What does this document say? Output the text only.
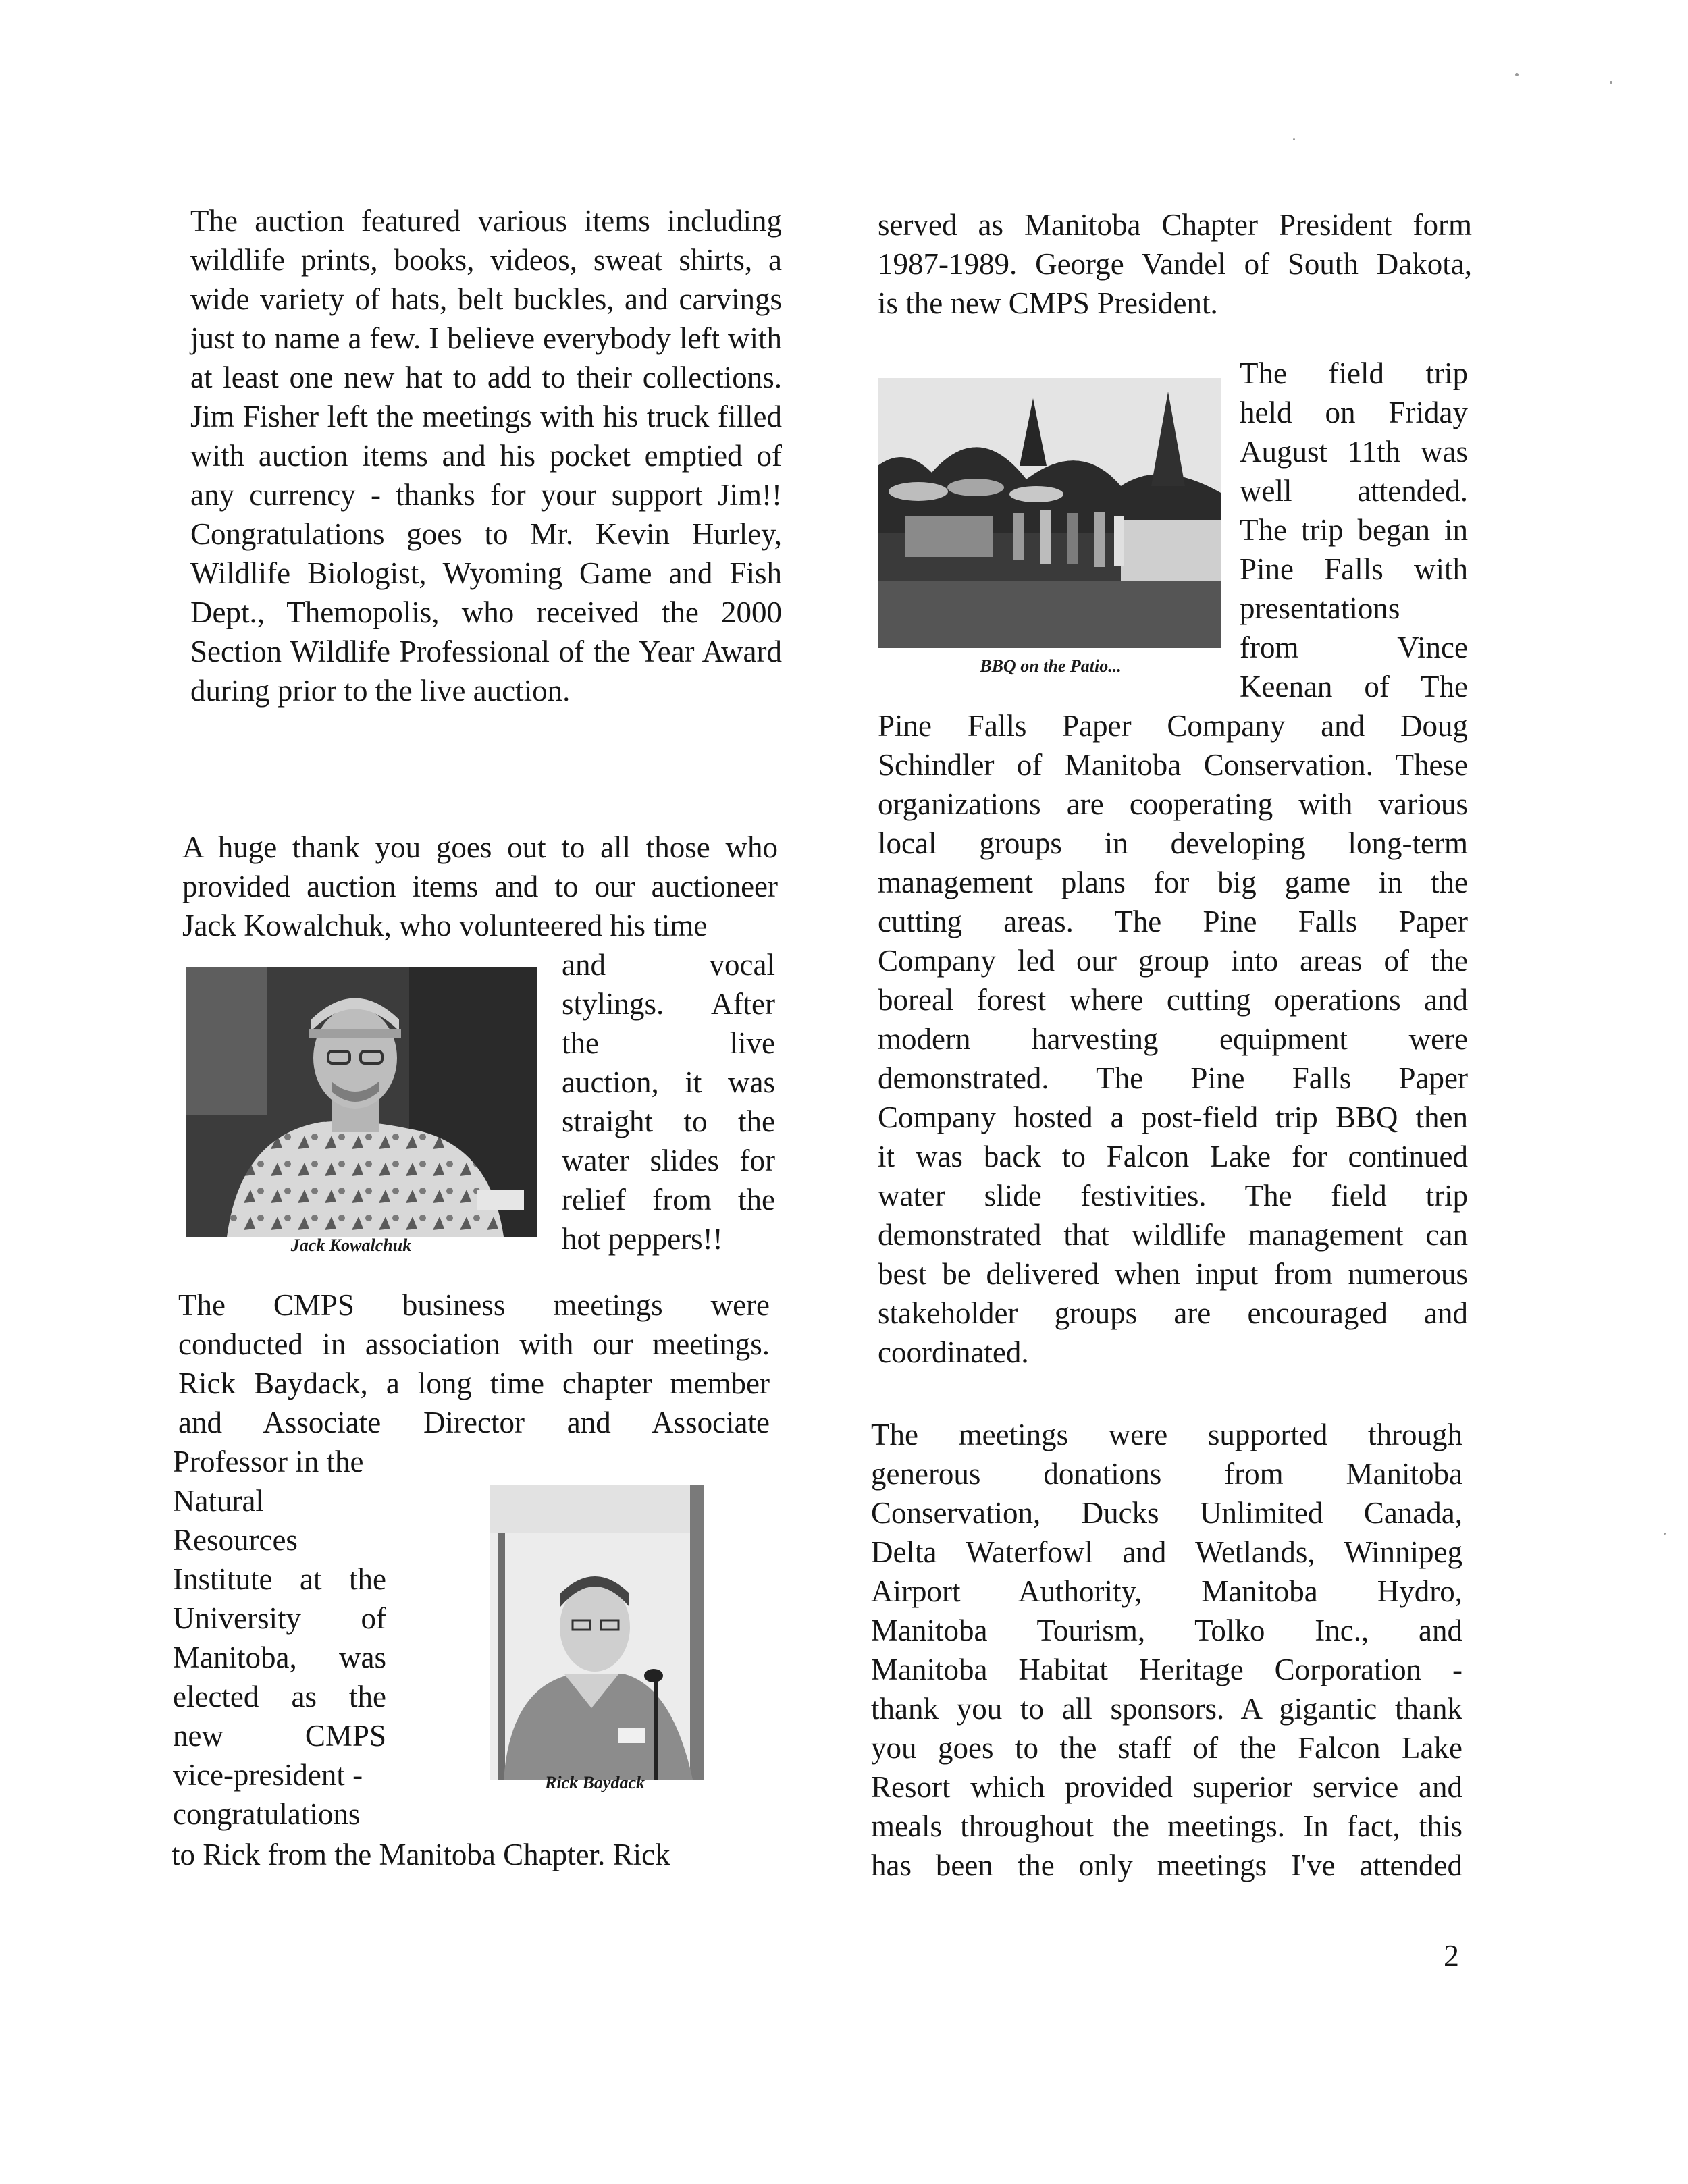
The auction featured various items including wildlife prints, books, videos, sweat shirts, a wide variety of hats, belt buckles, and carvings just to name a few. I believe everybody left with at least one new hat to add to their collections. Jim Fisher left the meetings with his truck filled with auction items and his pocket emptied of any currency - thanks for your support Jim!! Congratulations goes to Mr. Kevin Hurley, Wildlife Biologist, Wyoming Game and Fish Dept., Themopolis, who received the 2000 Section Wildlife Professional of the Year Award during prior to the live auction.

A huge thank you goes out to all those who provided auction items and to our auctioneer Jack Kowalchuk, who volunteered his time

Jack Kowalchuk
and vocal
stylings. After
the live
auction, it was
straight to the
water slides for
relief from the
hot peppers!!
The CMPS business meetings were
conducted in association with our meetings.
Rick Baydack, a long time chapter member
and Associate Director and Associate
Professor in the
Natural
Resources
Institute at the
University of
Manitoba, was
elected as the
new CMPS
vice-president -
congratulations
Rick Baydack
to Rick from the Manitoba Chapter. Rick
served as Manitoba Chapter President form
1987-1989. George Vandel of South Dakota,
is the new CMPS President.
BBQ on the Patio...
The field trip
held on Friday
August 11th was
well attended.
The trip began in
Pine Falls with
presentations
from Vince
Keenan of The
Pine Falls Paper Company and Doug
Schindler of Manitoba Conservation. These
organizations are cooperating with various
local groups in developing long-term
management plans for big game in the
cutting areas. The Pine Falls Paper
Company led our group into areas of the
boreal forest where cutting operations and
modern harvesting equipment were
demonstrated. The Pine Falls Paper
Company hosted a post-field trip BBQ then
it was back to Falcon Lake for continued
water slide festivities. The field trip
demonstrated that wildlife management can
best be delivered when input from numerous
stakeholder groups are encouraged and
coordinated.
The meetings were supported through
generous donations from Manitoba
Conservation, Ducks Unlimited Canada,
Delta Waterfowl and Wetlands, Winnipeg
Airport Authority, Manitoba Hydro,
Manitoba Tourism, Tolko Inc., and
Manitoba Habitat Heritage Corporation -
thank you to all sponsors. A gigantic thank
you goes to the staff of the Falcon Lake
Resort which provided superior service and
meals throughout the meetings. In fact, this
has been the only meetings I've attended
2
